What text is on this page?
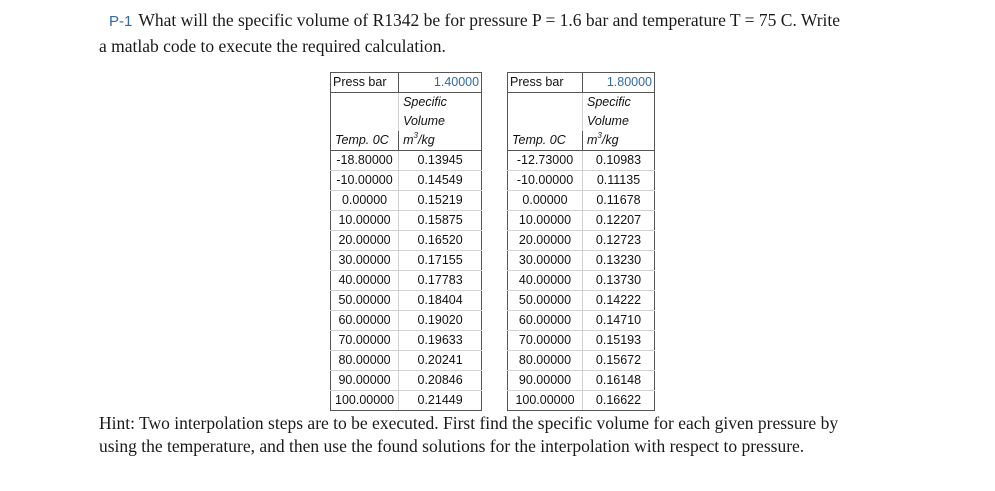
P-1 What will the specific volume of R1342 be for pressure P = 1.6 bar and temperature T = 75 C. Write
a matlab code to execute the required calculation.
Press bar	1.40000
	Specific
	Volume
Temp. 0C	$m^3/kg$
-18.80000	0.13945
-10.00000	0.14549
0.00000	0.15219
10.00000	0.15875
20.00000	0.16520
30.00000	0.17155
40.00000	0.17783
50.00000	0.18404
60.00000	0.19020
70.00000	0.19633
80.00000	0.20241
90.00000	0.20846
100.00000	0.21449
Press bar	1.80000
	Specific
	Volume
Temp. 0C	$m^3/kg$
-12.73000	0.10983
-10.00000	0.11135
0.00000	0.11678
10.00000	0.12207
20.00000	0.12723
30.00000	0.13230
40.00000	0.13730
50.00000	0.14222
60.00000	0.14710
70.00000	0.15193
80.00000	0.15672
90.00000	0.16148
100.00000	0.16622
Hint: Two interpolation steps are to be executed. First find the specific volume for each given pressure by
using the temperature, and then use the found solutions for the interpolation with respect to pressure.
